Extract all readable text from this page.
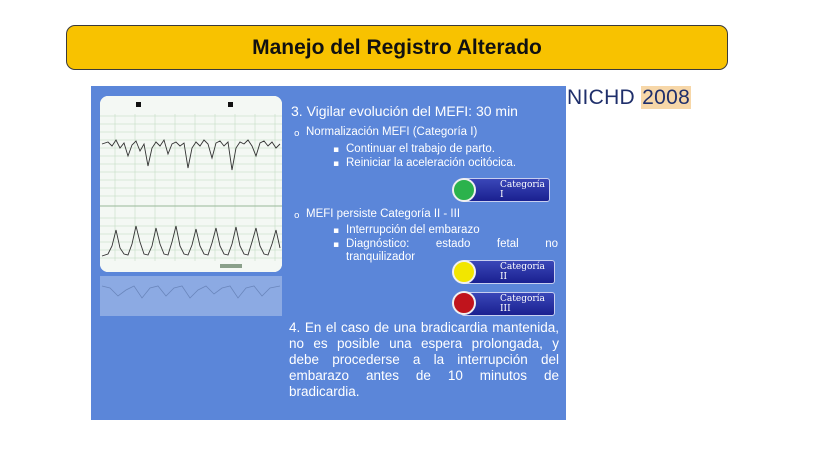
Manejo del Registro Alterado
NICHD 2008
3. Vigilar evolución del MEFI: 30 min
o Normalización MEFI (Categoría I)
▪ Continuar el trabajo de parto.
▪ Reiniciar la aceleración ocitócica.
Categoría I
o MEFI persiste Categoría II - III
▪ Interrupción del embarazo
▪ Diagnóstico: estado fetal no tranquilizador
Categoría II
Categoría III
4. En el caso de una bradicardia mantenida, no es posible una espera prolongada, y debe procederse a la interrupción del embarazo antes de 10 minutos de bradicardia.
